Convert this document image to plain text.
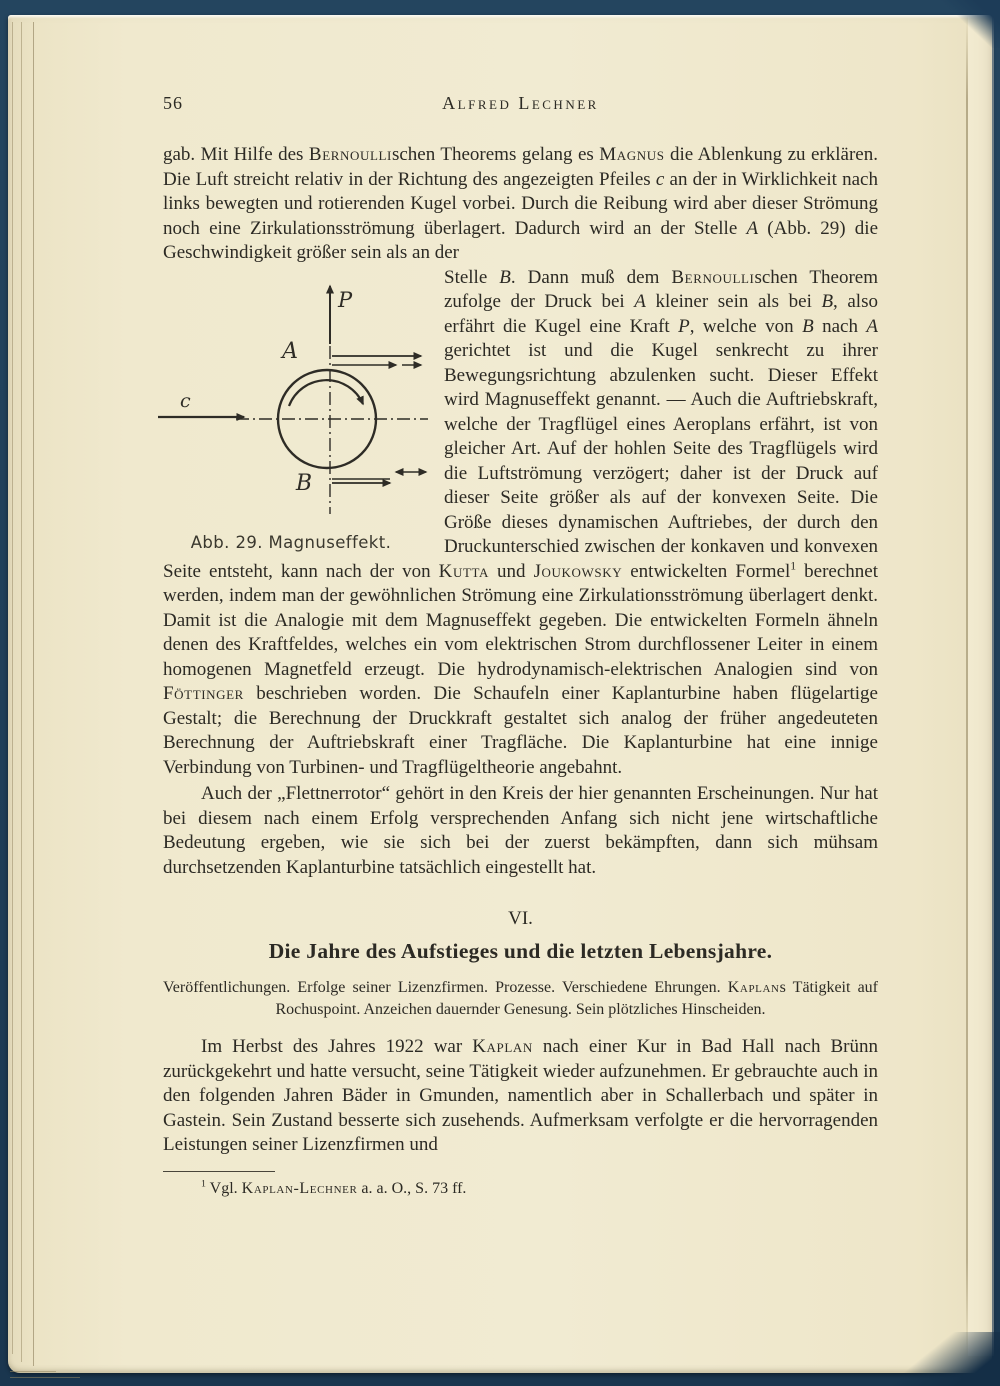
56	Alfred Lechner

gab. Mit Hilfe des Bernoullischen Theorems gelang es Magnus die Ablenkung zu erklären. Die Luft streicht relativ in der Richtung des angezeigten Pfeiles c an der in Wirklichkeit nach links bewegten und rotierenden Kugel vorbei. Durch die Reibung wird aber dieser Strömung noch eine Zirkulationsströmung überlagert. Dadurch wird an der Stelle A (Abb. 29) die Geschwindigkeit größer sein als an der

P
A
B
c
Abb. 29. Magnuseffekt.

Stelle B. Dann muß dem Bernoullischen Theorem zufolge der Druck bei A kleiner sein als bei B, also erfährt die Kugel eine Kraft P, welche von B nach A gerichtet ist und die Kugel senkrecht zu ihrer Bewegungsrichtung abzulenken sucht. Dieser Effekt wird Magnuseffekt genannt. — Auch die Auftriebskraft, welche der Tragflügel eines Aeroplans erfährt, ist von gleicher Art. Auf der hohlen Seite des Tragflügels wird die Luftströmung verzögert; daher ist der Druck auf dieser Seite größer als auf der konvexen Seite. Die Größe dieses dynamischen Auftriebes, der durch den Druckunterschied zwischen der konkaven und konvexen Seite entsteht, kann nach der von Kutta und Joukowsky entwickelten Formel$^1$ berechnet werden, indem man der gewöhnlichen Strömung eine Zirkulationsströmung überlagert denkt. Damit ist die Analogie mit dem Magnuseffekt gegeben. Die entwickelten Formeln ähneln denen des Kraftfeldes, welches ein vom elektrischen Strom durchflossener Leiter in einem homogenen Magnetfeld erzeugt. Die hydrodynamisch-elektrischen Analogien sind von Föttinger beschrieben worden. Die Schaufeln einer Kaplanturbine haben flügelartige Gestalt; die Berechnung der Druckkraft gestaltet sich analog der früher angedeuteten Berechnung der Auftriebskraft einer Tragfläche. Die Kaplanturbine hat eine innige Verbindung von Turbinen- und Tragflügeltheorie angebahnt.

Auch der „Flettnerrotor“ gehört in den Kreis der hier genannten Erscheinungen. Nur hat bei diesem nach einem Erfolg versprechenden Anfang sich nicht jene wirtschaftliche Bedeutung ergeben, wie sie sich bei der zuerst bekämpften, dann sich mühsam durchsetzenden Kaplanturbine tatsächlich eingestellt hat.

VI.
Die Jahre des Aufstieges und die letzten Lebensjahre.
Veröffentlichungen. Erfolge seiner Lizenzfirmen. Prozesse. Verschiedene Ehrungen. Kaplans Tätigkeit auf Rochuspoint. Anzeichen dauernder Genesung. Sein plötzliches Hinscheiden.

Im Herbst des Jahres 1922 war Kaplan nach einer Kur in Bad Hall nach Brünn zurückgekehrt und hatte versucht, seine Tätigkeit wieder aufzunehmen. Er gebrauchte auch in den folgenden Jahren Bäder in Gmunden, namentlich aber in Schallerbach und später in Gastein. Sein Zustand besserte sich zusehends. Aufmerksam verfolgte er die hervorragenden Leistungen seiner Lizenzfirmen und

$^1$ Vgl. Kaplan-Lechner a. a. O., S. 73 ff.
